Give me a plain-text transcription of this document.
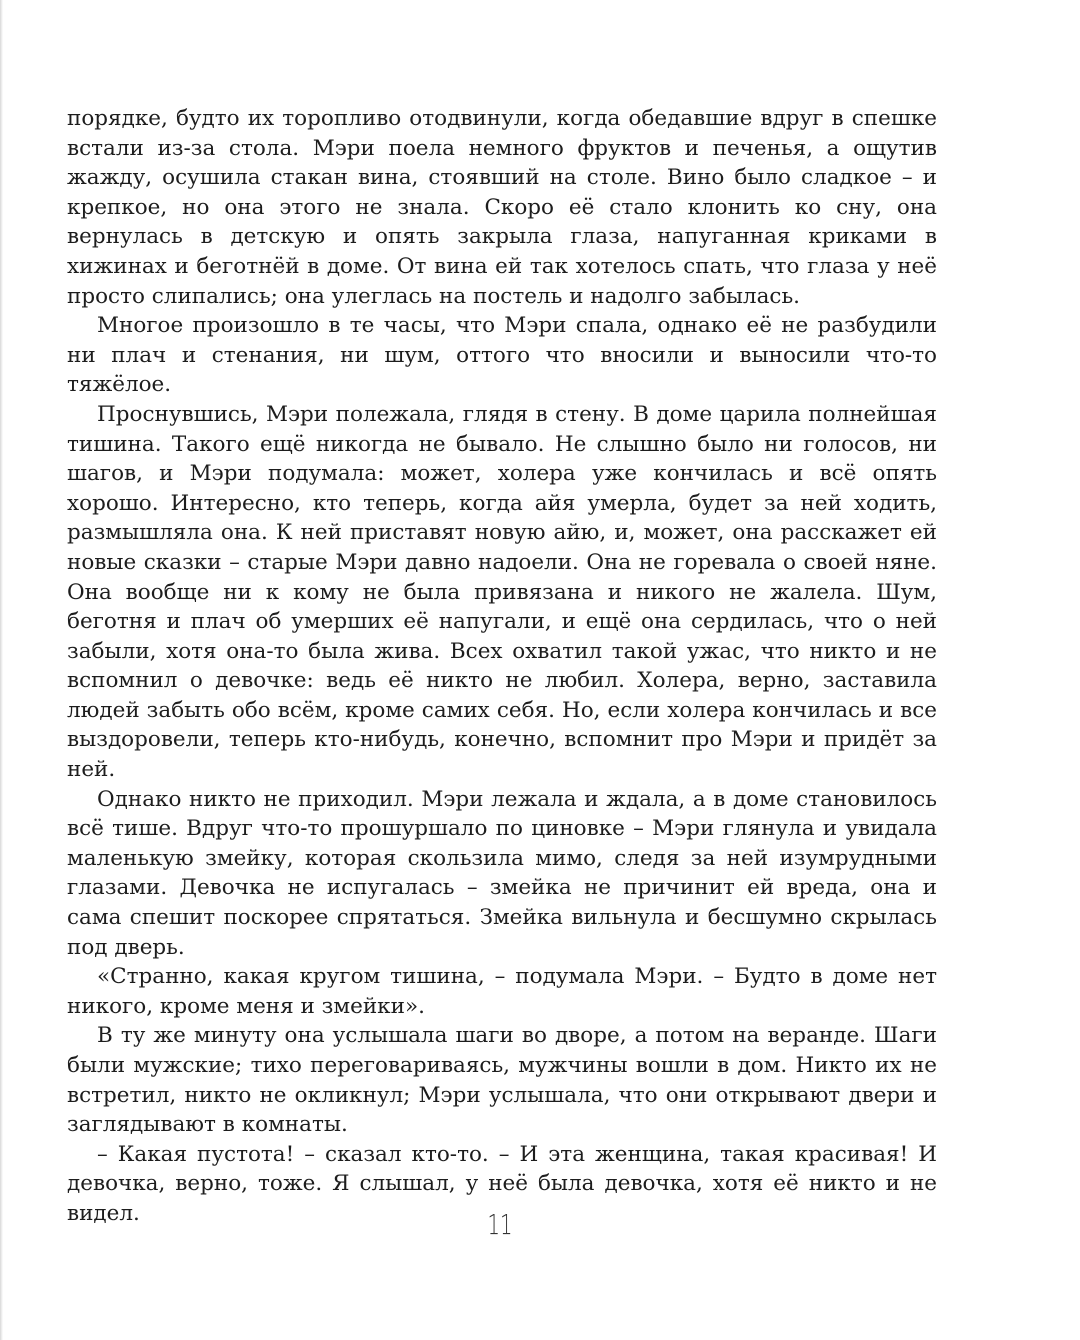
порядке, будто их торопливо отодвинули, когда обедавшие вдруг в спешке встали из-за стола. Мэри поела немного фруктов и печенья, а ощутив жажду, осушила стакан вина, стоявший на столе. Вино было сладкое – и крепкое, но она этого не знала. Скоро её стало клонить ко сну, она вернулась в детскую и опять закрыла глаза, напуганная криками в хижинах и беготнёй в доме. От вина ей так хотелось спать, что глаза у неё просто слипались; она улеглась на постель и надолго забылась.

Многое произошло в те часы, что Мэри спала, однако её не разбудили ни плач и стенания, ни шум, оттого что вносили и выносили что-то тяжёлое.

Проснувшись, Мэри полежала, глядя в стену. В доме царила полнейшая тишина. Такого ещё никогда не бывало. Не слышно было ни голосов, ни шагов, и Мэри подумала: может, холера уже кончилась и всё опять хорошо. Интересно, кто теперь, когда айя умерла, будет за ней ходить, размышляла она. К ней приставят новую айю, и, может, она расскажет ей новые сказки – старые Мэри давно надоели. Она не горевала о своей няне. Она вообще ни к кому не была привязана и никого не жалела. Шум, беготня и плач об умерших её напугали, и ещё она сердилась, что о ней забыли, хотя она-то была жива. Всех охватил такой ужас, что никто и не вспомнил о девочке: ведь её никто не любил. Холера, верно, заставила людей забыть обо всём, кроме самих себя. Но, если холера кончилась и все выздоровели, теперь кто-нибудь, конечно, вспомнит про Мэри и придёт за ней.

Однако никто не приходил. Мэри лежала и ждала, а в доме становилось всё тише. Вдруг что-то прошуршало по циновке – Мэри глянула и увидала маленькую змейку, которая скользила мимо, следя за ней изумрудными глазами. Девочка не испугалась – змейка не причинит ей вреда, она и сама спешит поскорее спрятаться. Змейка вильнула и бесшумно скрылась под дверь.

«Странно, какая кругом тишина, – подумала Мэри. – Будто в доме нет никого, кроме меня и змейки».

В ту же минуту она услышала шаги во дворе, а потом на веранде. Шаги были мужские; тихо переговариваясь, мужчины вошли в дом. Никто их не встретил, никто не окликнул; Мэри услышала, что они открывают двери и заглядывают в комнаты.

– Какая пустота! – сказал кто-то. – И эта женщина, такая красивая! И девочка, верно, тоже. Я слышал, у неё была девочка, хотя её никто и не видел.	11
